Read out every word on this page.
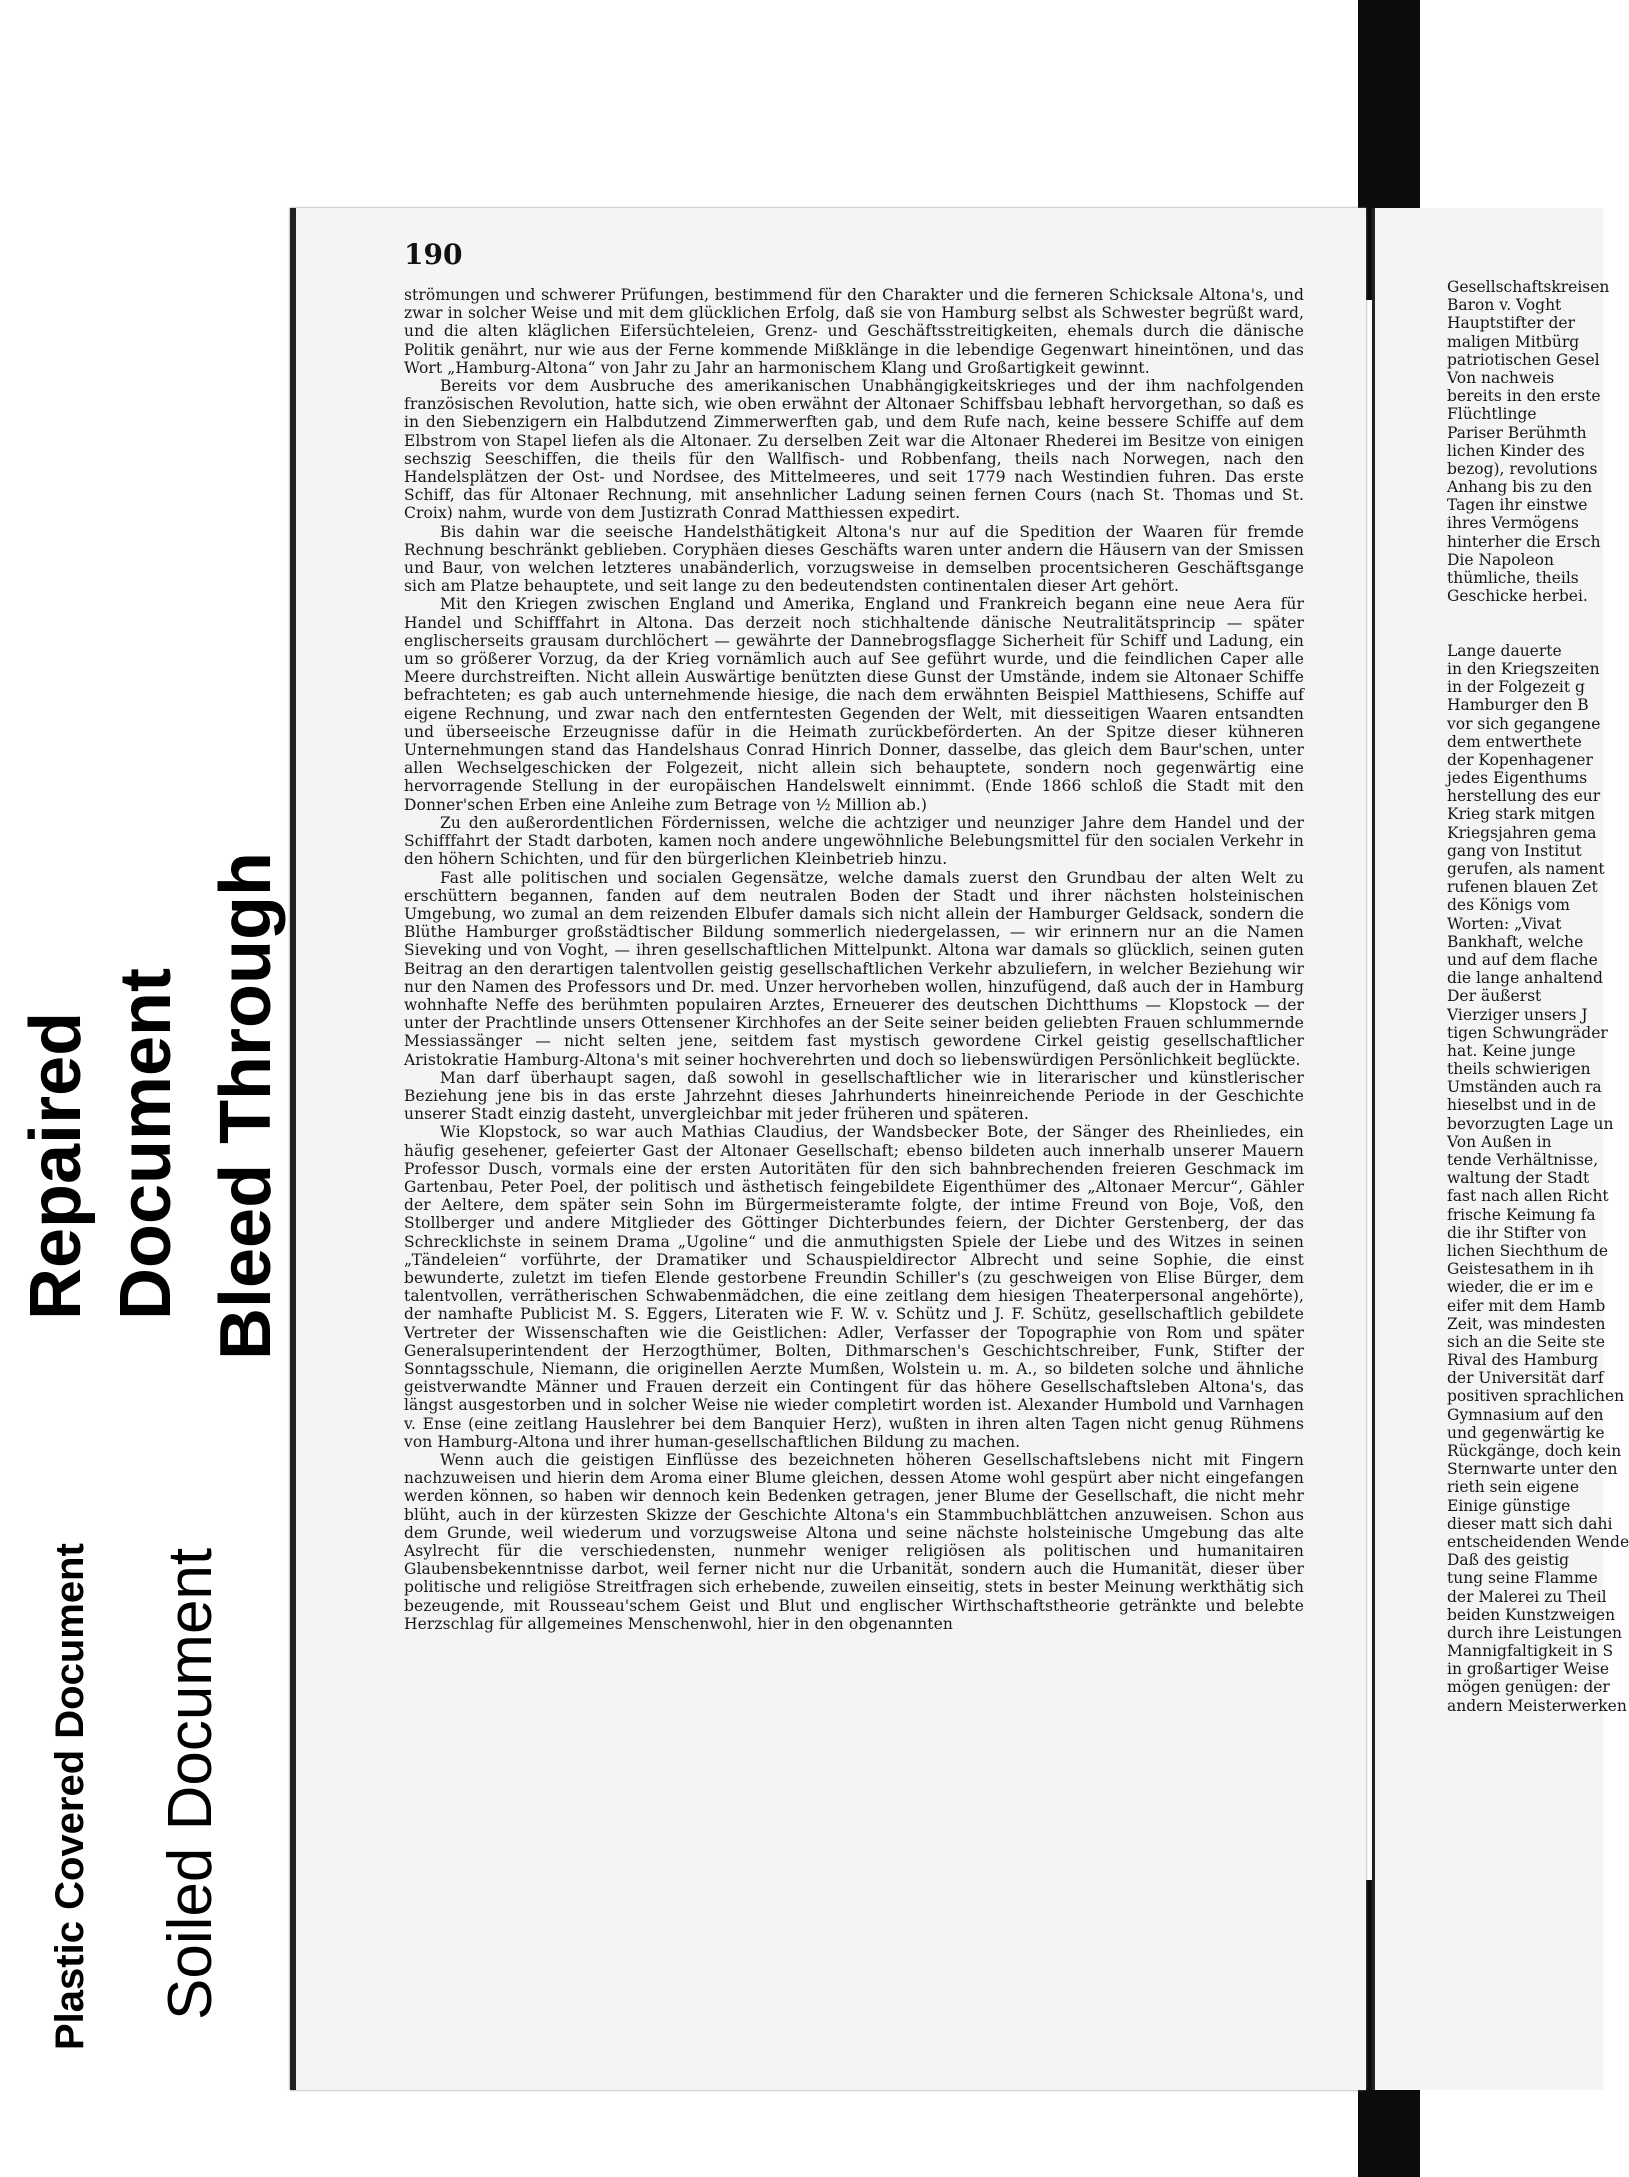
Plastic Covered Document Soiled Document
Repaired Document Bleed Through
190

strömungen und schwerer Prüfungen, bestimmend für den Charakter und die ferneren Schicksale Altona's, und zwar in solcher Weise und mit dem glücklichen Erfolg, daß sie von Hamburg selbst als Schwester begrüßt ward, und die alten kläglichen Eifersüchteleien, Grenz- und Geschäftsstreitigkeiten, ehemals durch die dänische Politik genährt, nur wie aus der Ferne kommende Mißklänge in die lebendige Gegenwart hineintönen, und das Wort „Hamburg-Altona“ von Jahr zu Jahr an harmonischem Klang und Großartigkeit gewinnt.

Bereits vor dem Ausbruche des amerikanischen Unabhängigkeitskrieges und der ihm nachfolgenden französischen Revolution, hatte sich, wie oben erwähnt der Altonaer Schiffsbau lebhaft hervorgethan, so daß es in den Siebenzigern ein Halbdutzend Zimmerwerften gab, und dem Rufe nach, keine bessere Schiffe auf dem Elbstrom von Stapel liefen als die Altonaer. Zu derselben Zeit war die Altonaer Rhederei im Besitze von einigen sechszig Seeschiffen, die theils für den Wallfisch- und Robbenfang, theils nach Norwegen, nach den Handelsplätzen der Ost- und Nordsee, des Mittelmeeres, und seit 1779 nach Westindien fuhren. Das erste Schiff, das für Altonaer Rechnung, mit ansehnlicher Ladung seinen fernen Cours (nach St. Thomas und St. Croix) nahm, wurde von dem Justizrath Conrad Matthiessen expedirt.

Bis dahin war die seeische Handelsthätigkeit Altona's nur auf die Spedition der Waaren für fremde Rechnung beschränkt geblieben. Coryphäen dieses Geschäfts waren unter andern die Häusern van der Smissen und Baur, von welchen letzteres unabänderlich, vorzugsweise in demselben procentsicheren Geschäftsgange sich am Platze behauptete, und seit lange zu den bedeutendsten continentalen dieser Art gehört.

Mit den Kriegen zwischen England und Amerika, England und Frankreich begann eine neue Aera für Handel und Schifffahrt in Altona. Das derzeit noch stichhaltende dänische Neutralitätsprincip — später englischerseits grausam durchlöchert — gewährte der Dannebrogsflagge Sicherheit für Schiff und Ladung, ein um so größerer Vorzug, da der Krieg vornämlich auch auf See geführt wurde, und die feindlichen Caper alle Meere durchstreiften. Nicht allein Auswärtige benützten diese Gunst der Umstände, indem sie Altonaer Schiffe befrachteten; es gab auch unternehmende hiesige, die nach dem erwähnten Beispiel Matthiesens, Schiffe auf eigene Rechnung, und zwar nach den entferntesten Gegenden der Welt, mit diesseitigen Waaren entsandten und überseeische Erzeugnisse dafür in die Heimath zurückbeförderten. An der Spitze dieser kühneren Unternehmungen stand das Handelshaus Conrad Hinrich Donner, dasselbe, das gleich dem Baur'schen, unter allen Wechselgeschicken der Folgezeit, nicht allein sich behauptete, sondern noch gegenwärtig eine hervorragende Stellung in der europäischen Handelswelt einnimmt. (Ende 1866 schloß die Stadt mit den Donner'schen Erben eine Anleihe zum Betrage von ½ Million ab.)

Zu den außerordentlichen Fördernissen, welche die achtziger und neunziger Jahre dem Handel und der Schifffahrt der Stadt darboten, kamen noch andere ungewöhnliche Belebungsmittel für den socialen Verkehr in den höhern Schichten, und für den bürgerlichen Kleinbetrieb hinzu.

Fast alle politischen und socialen Gegensätze, welche damals zuerst den Grundbau der alten Welt zu erschüttern begannen, fanden auf dem neutralen Boden der Stadt und ihrer nächsten holsteinischen Umgebung, wo zumal an dem reizenden Elbufer damals sich nicht allein der Hamburger Geldsack, sondern die Blüthe Hamburger großstädtischer Bildung sommerlich niedergelassen, — wir erinnern nur an die Namen Sieveking und von Voght, — ihren gesellschaftlichen Mittelpunkt. Altona war damals so glücklich, seinen guten Beitrag an den derartigen talentvollen geistig gesellschaftlichen Verkehr abzuliefern, in welcher Beziehung wir nur den Namen des Professors und Dr. med. Unzer hervorheben wollen, hinzufügend, daß auch der in Hamburg wohnhafte Neffe des berühmten populairen Arztes, Erneuerer des deutschen Dichtthums — Klopstock — der unter der Prachtlinde unsers Ottensener Kirchhofes an der Seite seiner beiden geliebten Frauen schlummernde Messiassänger — nicht selten jene, seitdem fast mystisch gewordene Cirkel geistig gesellschaftlicher Aristokratie Hamburg-Altona's mit seiner hochverehrten und doch so liebenswürdigen Persönlichkeit beglückte.

Man darf überhaupt sagen, daß sowohl in gesellschaftlicher wie in literarischer und künstlerischer Beziehung jene bis in das erste Jahrzehnt dieses Jahrhunderts hineinreichende Periode in der Geschichte unserer Stadt einzig dasteht, unvergleichbar mit jeder früheren und späteren.

Wie Klopstock, so war auch Mathias Claudius, der Wandsbecker Bote, der Sänger des Rheinliedes, ein häufig gesehener, gefeierter Gast der Altonaer Gesellschaft; ebenso bildeten auch innerhalb unserer Mauern Professor Dusch, vormals eine der ersten Autoritäten für den sich bahnbrechenden freieren Geschmack im Gartenbau, Peter Poel, der politisch und ästhetisch feingebildete Eigenthümer des „Altonaer Mercur“, Gähler der Aeltere, dem später sein Sohn im Bürgermeisteramte folgte, der intime Freund von Boje, Voß, den Stollberger und andere Mitglieder des Göttinger Dichterbundes feiern, der Dichter Gerstenberg, der das Schrecklichste in seinem Drama „Ugoline“ und die anmuthigsten Spiele der Liebe und des Witzes in seinen „Tändeleien“ vorführte, der Dramatiker und Schauspieldirector Albrecht und seine Sophie, die einst bewunderte, zuletzt im tiefen Elende gestorbene Freundin Schiller's (zu geschweigen von Elise Bürger, dem talentvollen, verrätherischen Schwabenmädchen, die eine zeitlang dem hiesigen Theaterpersonal angehörte), der namhafte Publicist M. S. Eggers, Literaten wie F. W. v. Schütz und J. F. Schütz, gesellschaftlich gebildete Vertreter der Wissenschaften wie die Geistlichen: Adler, Verfasser der Topographie von Rom und später Generalsuperintendent der Herzogthümer, Bolten, Dithmarschen's Geschichtschreiber, Funk, Stifter der Sonntagsschule, Niemann, die originellen Aerzte Mumßen, Wolstein u. m. A., so bildeten solche und ähnliche geistverwandte Männer und Frauen derzeit ein Contingent für das höhere Gesellschaftsleben Altona's, das längst ausgestorben und in solcher Weise nie wieder completirt worden ist. Alexander Humbold und Varnhagen v. Ense (eine zeitlang Hauslehrer bei dem Banquier Herz), wußten in ihren alten Tagen nicht genug Rühmens von Hamburg-Altona und ihrer human-gesellschaftlichen Bildung zu machen.

Wenn auch die geistigen Einflüsse des bezeichneten höheren Gesellschaftslebens nicht mit Fingern nachzuweisen und hierin dem Aroma einer Blume gleichen, dessen Atome wohl gespürt aber nicht eingefangen werden können, so haben wir dennoch kein Bedenken getragen, jener Blume der Gesellschaft, die nicht mehr blüht, auch in der kürzesten Skizze der Geschichte Altona's ein Stammbuchblättchen anzuweisen. Schon aus dem Grunde, weil wiederum und vorzugsweise Altona und seine nächste holsteinische Umgebung das alte Asylrecht für die verschiedensten, nunmehr weniger religiösen als politischen und humanitairen Glaubensbekenntnisse darbot, weil ferner nicht nur die Urbanität, sondern auch die Humanität, dieser über politische und religiöse Streitfragen sich erhebende, zuweilen einseitig, stets in bester Meinung werkthätig sich bezeugende, mit Rousseau'schem Geist und Blut und englischer Wirthschaftstheorie getränkte und belebte Herzschlag für allgemeines Menschenwohl, hier in den obgenannten

Gesellschaftskreisen
Baron v. Voght
Hauptstifter der
maligen Mitbürg
patriotischen Gesel
Von nachweis
bereits in den erste
Flüchtlinge
Pariser Berühmth
lichen Kinder des
bezog), revolutions
Anhang bis zu den
Tagen ihr einstwe
ihres Vermögens
hinterher die Ersch
Die Napoleon
thümliche, theils
Geschicke herbei.
Lange dauerte
in den Kriegszeiten
in der Folgezeit g
Hamburger den B
vor sich gegangene
dem entwerthete
der Kopenhagener
jedes Eigenthums
herstellung des eur
Krieg stark mitgen
Kriegsjahren gema
gang von Institut
gerufen, als nament
rufenen blauen Zet
des Königs vom
Worten: „Vivat
Bankhaft, welche
und auf dem flache
die lange anhaltend
Der äußerst
Vierziger unsers J
tigen Schwungräder
hat. Keine junge
theils schwierigen
Umständen auch ra
hieselbst und in de
bevorzugten Lage un
Von Außen in
tende Verhältnisse,
waltung der Stadt
fast nach allen Richt
frische Keimung fa
die ihr Stifter von
lichen Siechthum de
Geistesathem in ih
wieder, die er im e
eifer mit dem Hamb
Zeit, was mindesten
sich an die Seite ste
Rival des Hamburg
der Universität darf
positiven sprachlichen
Gymnasium auf den
und gegenwärtig ke
Rückgänge, doch kein
Sternwarte unter den
rieth sein eigene
Einige günstige
dieser matt sich dahi
entscheidenden Wende
Daß des geistig
tung seine Flamme
der Malerei zu Theil
beiden Kunstzweigen
durch ihre Leistungen
Mannigfaltigkeit in S
in großartiger Weise
mögen genügen: der
andern Meisterwerken
